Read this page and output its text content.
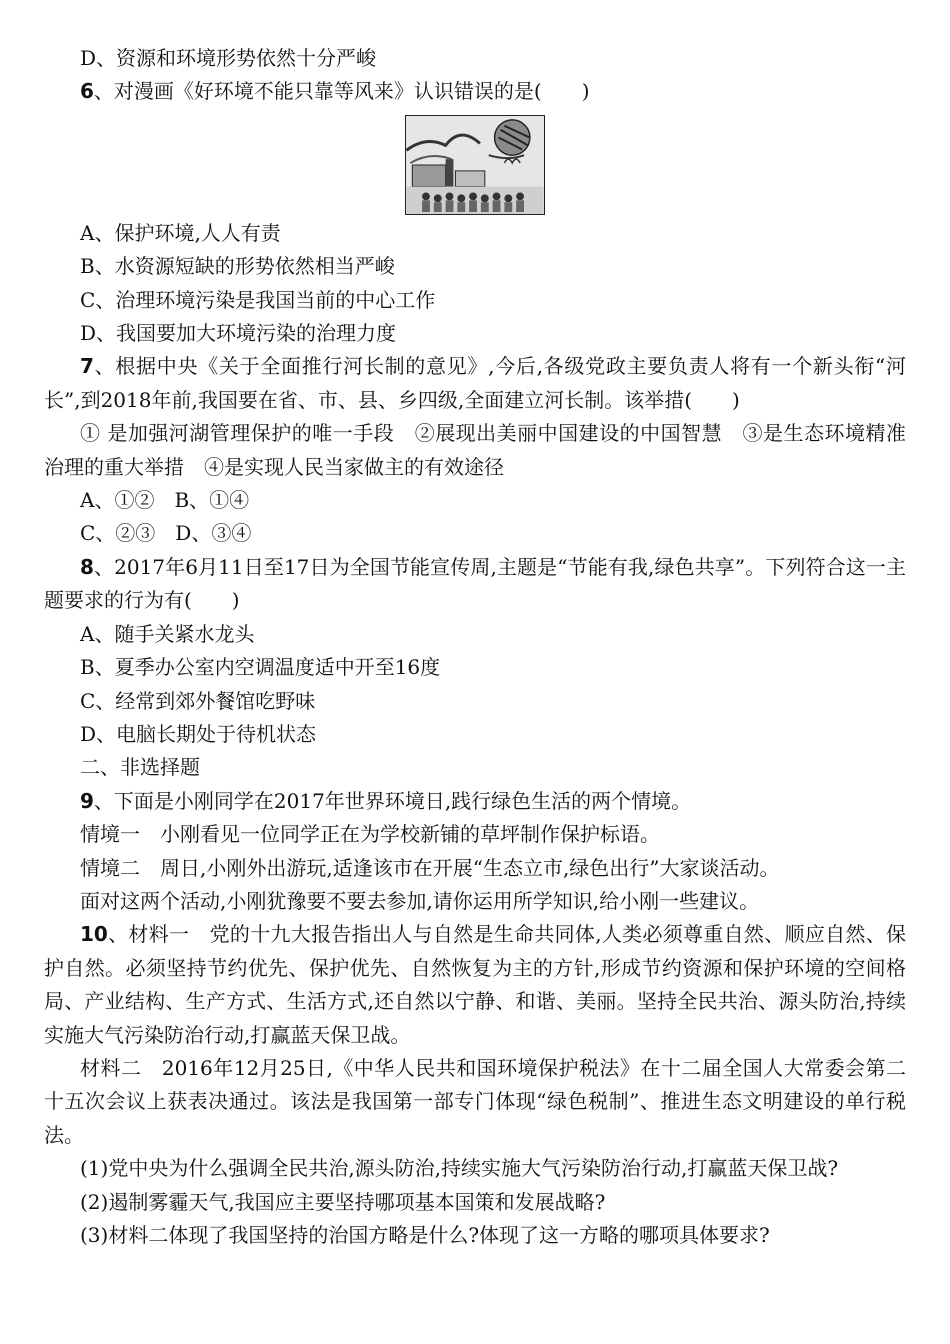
D、资源和环境形势依然十分严峻

6、对漫画《好环境不能只靠等风来》认识错误的是(　　)

A、保护环境,人人有责

B、水资源短缺的形势依然相当严峻

C、治理环境污染是我国当前的中心工作

D、我国要加大环境污染的治理力度

7、根据中央《关于全面推行河长制的意见》,今后,各级党政主要负责人将有一个新头衔“河长”,到2018年前,我国要在省、市、县、乡四级,全面建立河长制。该举措(　　)

① 是加强河湖管理保护的唯一手段　②展现出美丽中国建设的中国智慧　③是生态环境精准治理的重大举措　④是实现人民当家做主的有效途径

A、①②　B、①④

C、②③　D、③④

8、2017年6月11日至17日为全国节能宣传周,主题是“节能有我,绿色共享”。下列符合这一主题要求的行为有(　　)

A、随手关紧水龙头

B、夏季办公室内空调温度适中开至16度

C、经常到郊外餐馆吃野味

D、电脑长期处于待机状态

二、非选择题

9、下面是小刚同学在2017年世界环境日,践行绿色生活的两个情境。

情境一　小刚看见一位同学正在为学校新铺的草坪制作保护标语。

情境二　周日,小刚外出游玩,适逢该市在开展“生态立市,绿色出行”大家谈活动。

面对这两个活动,小刚犹豫要不要去参加,请你运用所学知识,给小刚一些建议。

10、材料一　党的十九大报告指出人与自然是生命共同体,人类必须尊重自然、顺应自然、保护自然。必须坚持节约优先、保护优先、自然恢复为主的方针,形成节约资源和保护环境的空间格局、产业结构、生产方式、生活方式,还自然以宁静、和谐、美丽。坚持全民共治、源头防治,持续实施大气污染防治行动,打赢蓝天保卫战。

材料二　2016年12月25日,《中华人民共和国环境保护税法》在十二届全国人大常委会第二十五次会议上获表决通过。该法是我国第一部专门体现“绿色税制”、推进生态文明建设的单行税法。

(1)党中央为什么强调全民共治,源头防治,持续实施大气污染防治行动,打赢蓝天保卫战?

(2)遏制雾霾天气,我国应主要坚持哪项基本国策和发展战略?

(3)材料二体现了我国坚持的治国方略是什么?体现了这一方略的哪项具体要求?
